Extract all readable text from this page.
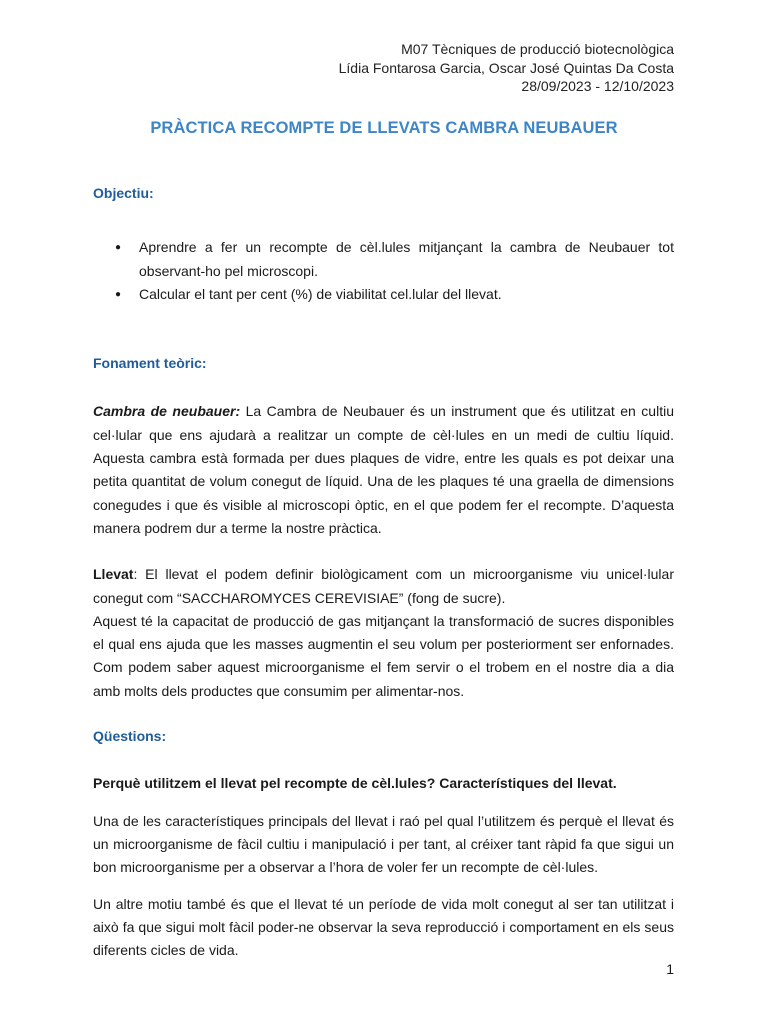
M07 Tècniques de producció biotecnològica
Lídia Fontarosa Garcia, Oscar José Quintas Da Costa
28/09/2023 - 12/10/2023
PRÀCTICA RECOMPTE DE LLEVATS CAMBRA NEUBAUER

Objectiu:

● Aprendre a fer un recompte de cèl.lules mitjançant la cambra de Neubauer tot observant-ho pel microscopi.
● Calcular el tant per cent (%) de viabilitat cel.lular del llevat.

Fonament teòric:

Cambra de neubauer: La Cambra de Neubauer és un instrument que és utilitzat en cultiu cel·lular que ens ajudarà a realitzar un compte de cèl·lules en un medi de cultiu líquid. Aquesta cambra està formada per dues plaques de vidre, entre les quals es pot deixar una petita quantitat de volum conegut de líquid. Una de les plaques té una graella de dimensions conegudes i que és visible al microscopi òptic, en el que podem fer el recompte. D’aquesta manera podrem dur a terme la nostre pràctica.

Llevat: El llevat el podem definir biològicament com un microorganisme viu unicel·lular conegut com “SACCHAROMYCES CEREVISIAE” (fong de sucre).

Aquest té la capacitat de producció de gas mitjançant la transformació de sucres disponibles el qual ens ajuda que les masses augmentin el seu volum per posteriorment ser enfornades. Com podem saber aquest microorganisme el fem servir o el trobem en el nostre dia a dia amb molts dels productes que consumim per alimentar-nos.

Qüestions:

Perquè utilitzem el llevat pel recompte de cèl.lules? Característiques del llevat.

Una de les característiques principals del llevat i raó pel qual l’utilitzem és perquè el llevat és un microorganisme de fàcil cultiu i manipulació i per tant, al créixer tant ràpid fa que sigui un bon microorganisme per a observar a l’hora de voler fer un recompte de cèl·lules.

Un altre motiu també és que el llevat té un període de vida molt conegut al ser tan utilitzat i això fa que sigui molt fàcil poder-ne observar la seva reproducció i comportament en els seus diferents cicles de vida.

1
